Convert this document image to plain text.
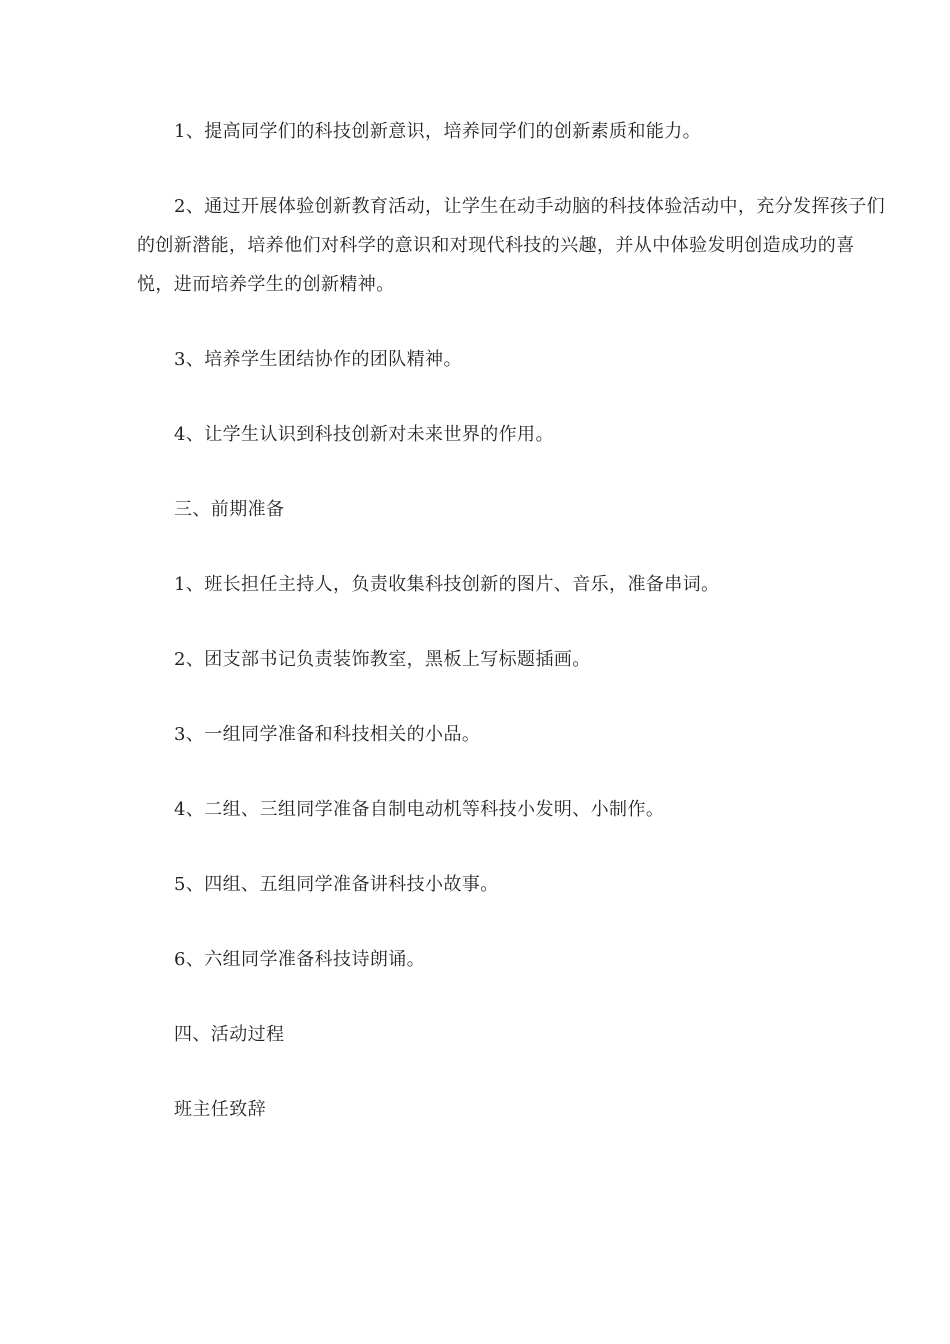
1、提高同学们的科技创新意识，培养同学们的创新素质和能力。

2、通过开展体验创新教育活动，让学生在动手动脑的科技体验活动中，充分发挥孩子们的创新潜能，培养他们对科学的意识和对现代科技的兴趣，并从中体验发明创造成功的喜悦，进而培养学生的创新精神。

3、培养学生团结协作的团队精神。

4、让学生认识到科技创新对未来世界的作用。

三、前期准备

1、班长担任主持人，负责收集科技创新的图片、音乐，准备串词。

2、团支部书记负责装饰教室，黑板上写标题插画。

3、一组同学准备和科技相关的小品。

4、二组、三组同学准备自制电动机等科技小发明、小制作。

5、四组、五组同学准备讲科技小故事。

6、六组同学准备科技诗朗诵。

四、活动过程

班主任致辞
